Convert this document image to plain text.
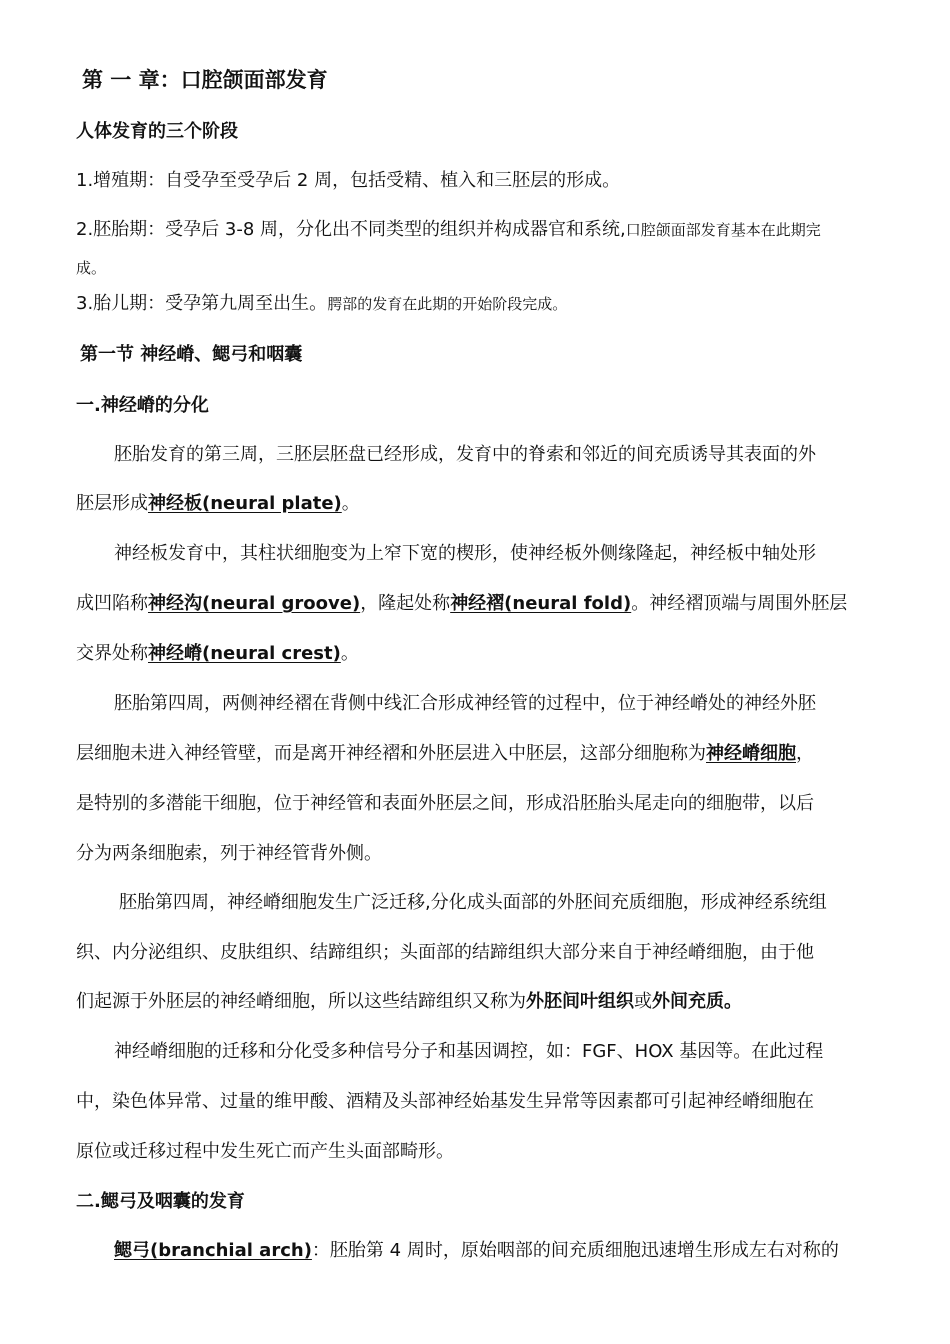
第 一 章：口腔颌面部发育
人体发育的三个阶段
1.增殖期：自受孕至受孕后 2 周，包括受精、植入和三胚层的形成。
2.胚胎期：受孕后 3-8 周，分化出不同类型的组织并构成器官和系统,口腔颌面部发育基本在此期完
成。
3.胎儿期：受孕第九周至出生。腭部的发育在此期的开始阶段完成。
第一节 神经嵴、鳃弓和咽囊
一.神经嵴的分化
胚胎发育的第三周，三胚层胚盘已经形成，发育中的脊索和邻近的间充质诱导其表面的外
胚层形成神经板(neural plate)。
神经板发育中，其柱状细胞变为上窄下宽的楔形，使神经板外侧缘隆起，神经板中轴处形
成凹陷称神经沟(neural groove)，隆起处称神经褶(neural fold)。神经褶顶端与周围外胚层
交界处称神经嵴(neural crest)。
胚胎第四周，两侧神经褶在背侧中线汇合形成神经管的过程中，位于神经嵴处的神经外胚
层细胞未进入神经管壁，而是离开神经褶和外胚层进入中胚层，这部分细胞称为神经嵴细胞，
是特别的多潜能干细胞，位于神经管和表面外胚层之间，形成沿胚胎头尾走向的细胞带，以后
分为两条细胞索，列于神经管背外侧。
胚胎第四周，神经嵴细胞发生广泛迁移,分化成头面部的外胚间充质细胞，形成神经系统组
织、内分泌组织、皮肤组织、结蹄组织；头面部的结蹄组织大部分来自于神经嵴细胞，由于他
们起源于外胚层的神经嵴细胞，所以这些结蹄组织又称为外胚间叶组织或外间充质。
神经嵴细胞的迁移和分化受多种信号分子和基因调控，如：FGF、HOX 基因等。在此过程
中，染色体异常、过量的维甲酸、酒精及头部神经始基发生异常等因素都可引起神经嵴细胞在
原位或迁移过程中发生死亡而产生头面部畸形。
二.鳃弓及咽囊的发育
鳃弓(branchial arch)：胚胎第 4 周时，原始咽部的间充质细胞迅速增生形成左右对称的
